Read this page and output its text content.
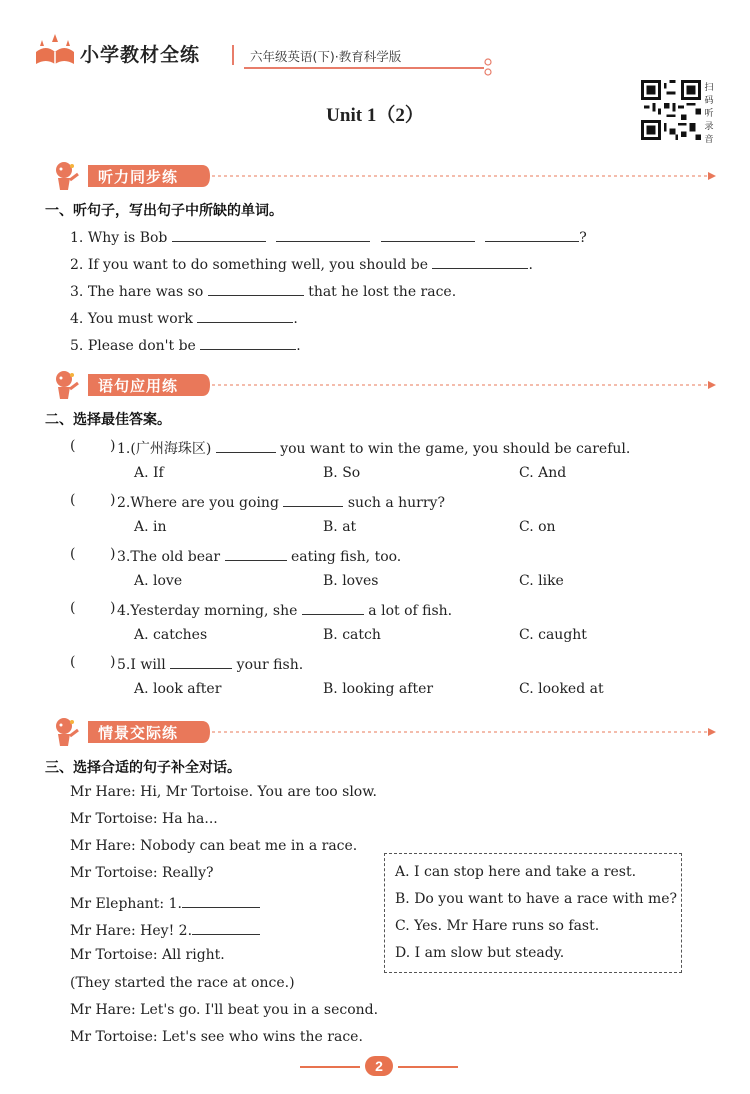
小学教材全练	六年级英语(下)·教育科学版
Unit 1（2）
扫码听录音
听力同步练
一、听句子，写出句子中所缺的单词。
1. Why is Bob	?
2. If you want to do something well, you should be	.
3. The hare was so	that he lost the race.
4. You must work	.
5. Please don't be	.
语句应用练
二、选择最佳答案。
( ) 1.(广州海珠区)	you want to win the game, you should be careful.
A. If	B. So	C. And
( ) 2.Where are you going	such a hurry?
A. in	B. at	C. on
( ) 3.The old bear	eating fish, too.
A. love	B. loves	C. like
( ) 4.Yesterday morning, she	a lot of fish.
A. catches	B. catch	C. caught
( ) 5.I will	your fish.
A. look after	B. looking after	C. looked at
情景交际练
三、选择合适的句子补全对话。
Mr Hare: Hi, Mr Tortoise. You are too slow.
Mr Tortoise: Ha ha...
Mr Hare: Nobody can beat me in a race.
Mr Tortoise: Really?
Mr Elephant: 1.
Mr Hare: Hey! 2.
Mr Tortoise: All right.
(They started the race at once.)
Mr Hare: Let's go. I'll beat you in a second.
Mr Tortoise: Let's see who wins the race.
A. I can stop here and take a rest.
B. Do you want to have a race with me?
C. Yes. Mr Hare runs so fast.
D. I am slow but steady.
2
